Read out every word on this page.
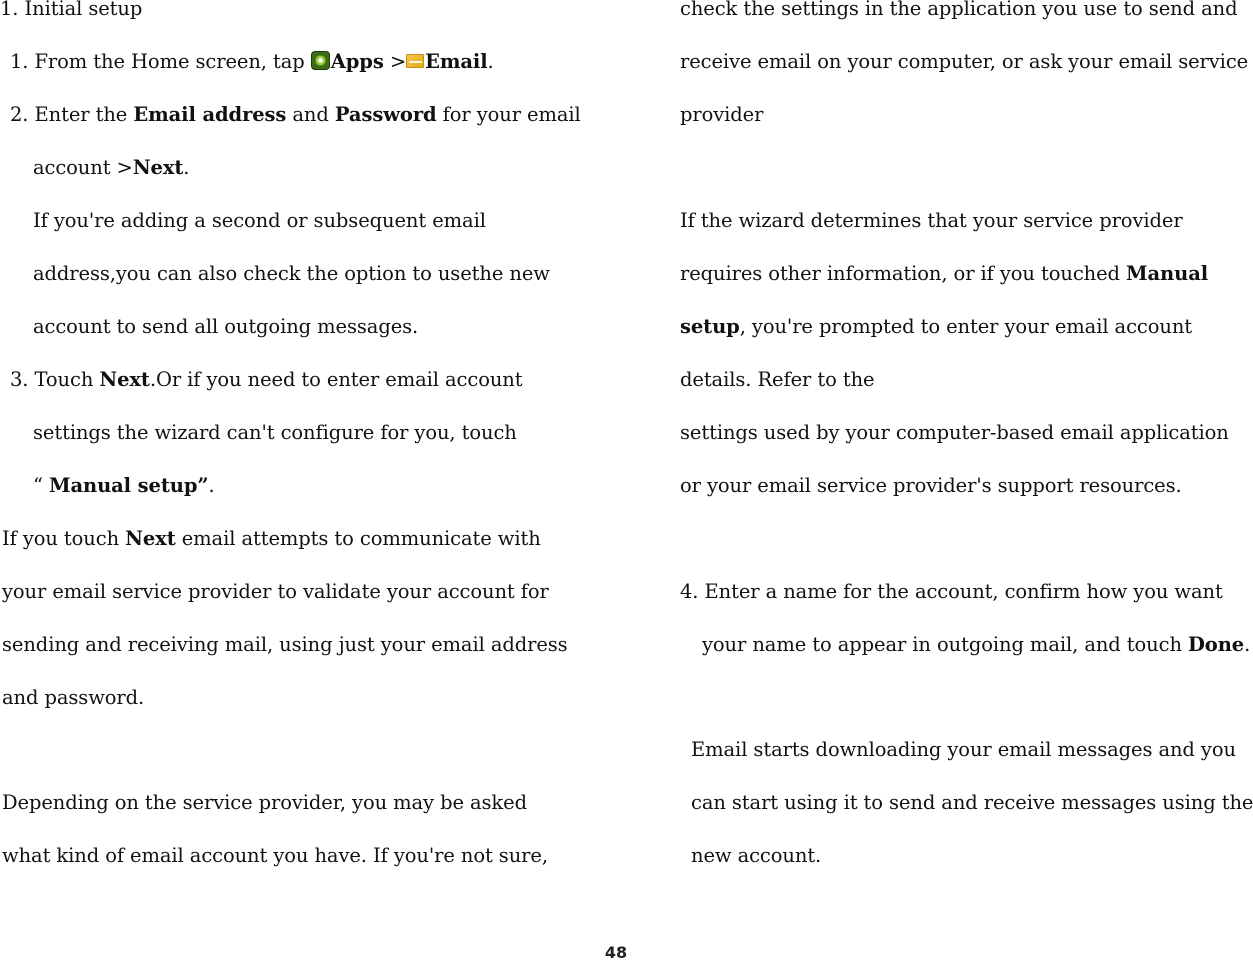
1. Initial setup
1. From the Home screen, tap Apps > Email.
2. Enter the Email address and Password for your email
account >Next.
If you're adding a second or subsequent email
address,you can also check the option to usethe new
account to send all outgoing messages.
3. Touch Next.Or if you need to enter email account
settings the wizard can't configure for you, touch
“ Manual setup”.
If you touch Next email attempts to communicate with
your email service provider to validate your account for
sending and receiving mail, using just your email address
and password.
Depending on the service provider, you may be asked
what kind of email account you have. If you're not sure,
check the settings in the application you use to send and
receive email on your computer, or ask your email service
provider
If the wizard determines that your service provider
requires other information, or if you touched Manual
setup, you're prompted to enter your email account
details. Refer to the
settings used by your computer-based email application
or your email service provider's support resources.
4. Enter a name for the account, confirm how you want
your name to appear in outgoing mail, and touch Done.
Email starts downloading your email messages and you
can start using it to send and receive messages using the
new account.
48
